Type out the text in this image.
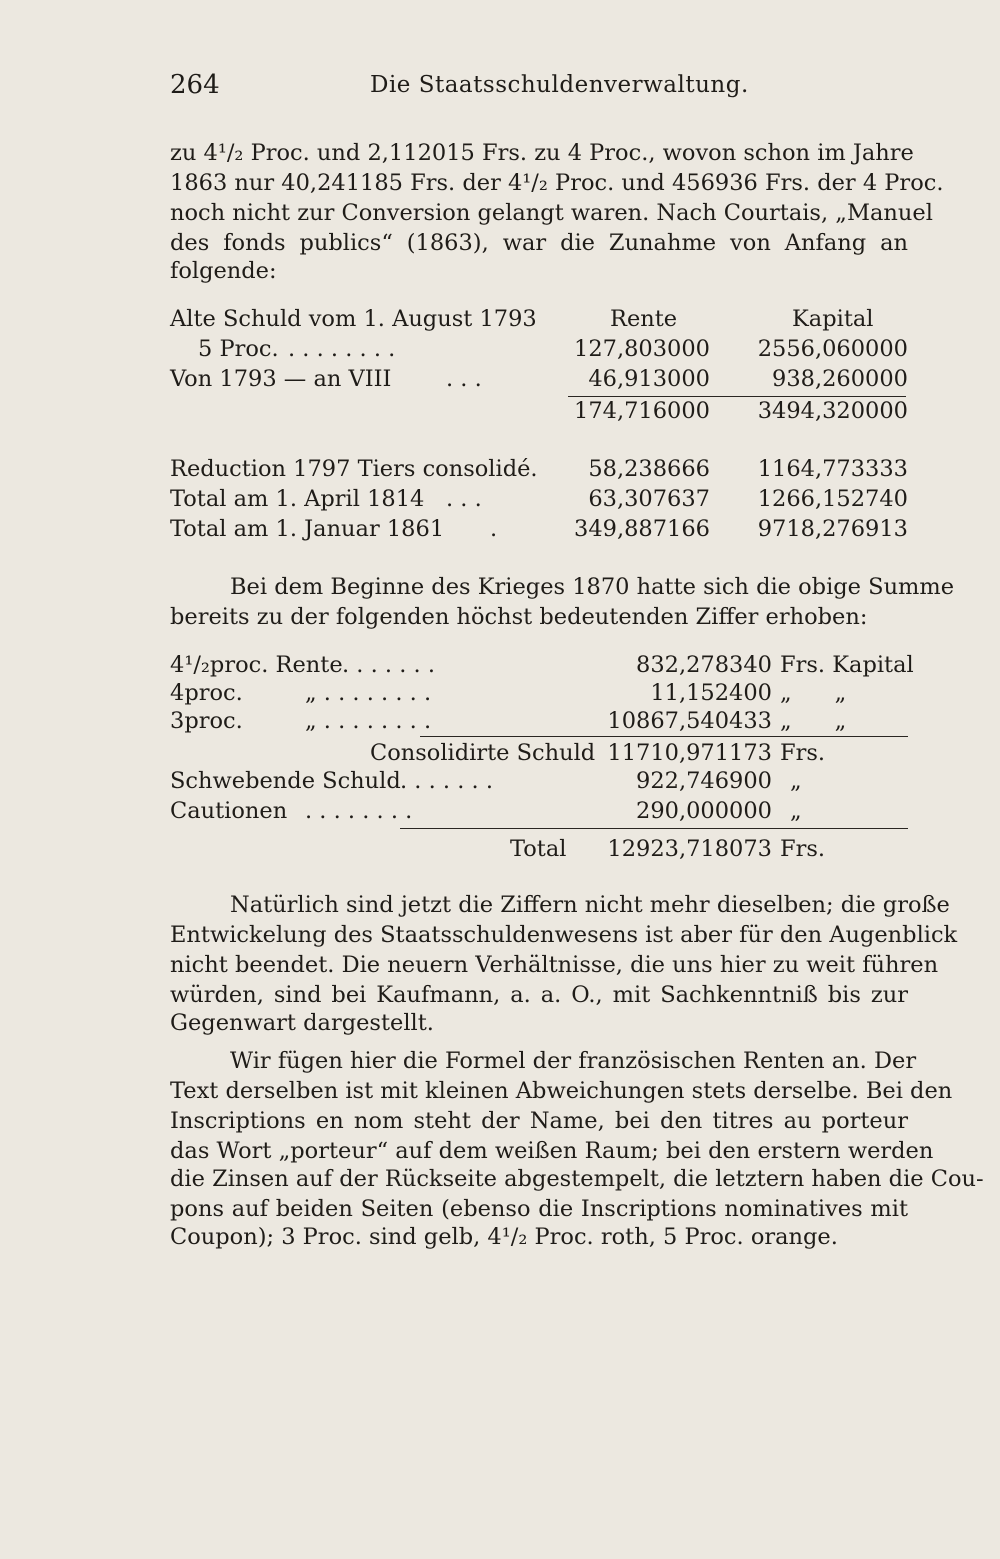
264	Die Staatsschuldenverwaltung.
zu 4¹/₂ Proc. und 2,112015 Frs. zu 4 Proc., wovon schon im Jahre
1863 nur 40,241185 Frs. der 4¹/₂ Proc. und 456936 Frs. der 4 Proc.
noch nicht zur Conversion gelangt waren. Nach Courtais, „Manuel
des fonds publics“ (1863), war die Zunahme von Anfang an
folgende:
Alte Schuld vom 1. August 1793	Rente	Kapital
5 Proc. . . . . . . . .	127,803000 2556,060000
Von 1793 — an VIII . . .	46,913000	938,260000
174,716000 3494,320000
Reduction 1797 Tiers consolidé. 58,238666 1164,773333
Total am 1. April 1814 . . .	63,307637 1266,152740
Total am 1. Januar 1861 .	349,887166 9718,276913
Bei dem Beginne des Krieges 1870 hatte sich die obige Summe
bereits zu der folgenden höchst bedeutenden Ziffer erhoben:
4¹/₂proc. Rente . . . . . . .	832,278340 Frs. Kapital
4proc.	„ . . . . . . . .	11,152400 „      „
3proc.	„ . . . . . . . .	10867,540433 „      „
Consolidirte Schuld 11710,971173 Frs.
Schwebende Schuld . . . . . . .	922,746900 „
Cautionen . . . . . . . .	290,000000 „
Total 12923,718073 Frs.
Natürlich sind jetzt die Ziffern nicht mehr dieselben; die große
Entwickelung des Staatsschuldenwesens ist aber für den Augenblick
nicht beendet. Die neuern Verhältnisse, die uns hier zu weit führen
würden, sind bei Kaufmann, a. a. O., mit Sachkenntniß bis zur
Gegenwart dargestellt.
Wir fügen hier die Formel der französischen Renten an. Der
Text derselben ist mit kleinen Abweichungen stets derselbe. Bei den
Inscriptions en nom steht der Name, bei den titres au porteur
das Wort „porteur“ auf dem weißen Raum; bei den erstern werden
die Zinsen auf der Rückseite abgestempelt, die letztern haben die Cou-
pons auf beiden Seiten (ebenso die Inscriptions nominatives mit
Coupon); 3 Proc. sind gelb, 4¹/₂ Proc. roth, 5 Proc. orange.
